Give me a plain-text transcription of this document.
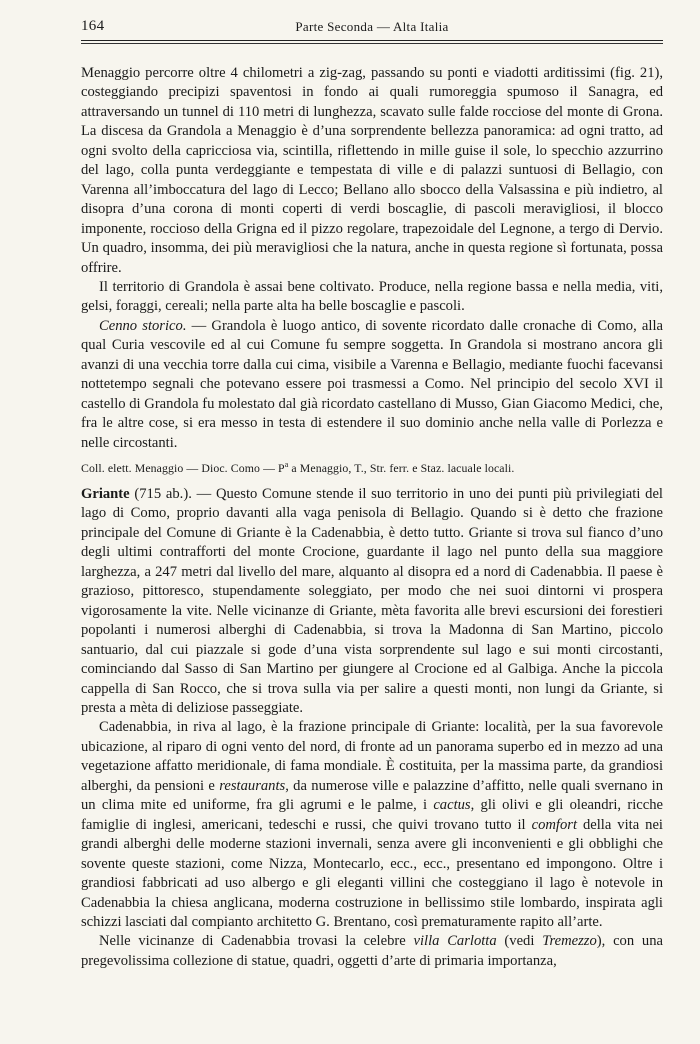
164	Parte Seconda — Alta Italia

Menaggio percorre oltre 4 chilometri a zig-zag, passando su ponti e viadotti arditissimi (fig. 21), costeggiando precipizi spaventosi in fondo ai quali rumoreggia spumoso il Sanagra, ed attraversando un tunnel di 110 metri di lunghezza, scavato sulle falde rocciose del monte di Grona. La discesa da Grandola a Menaggio è d’una sorprendente bellezza panoramica: ad ogni tratto, ad ogni svolto della capricciosa via, scintilla, riflettendo in mille guise il sole, lo specchio azzurrino del lago, colla punta verdeggiante e tempestata di ville e di palazzi suntuosi di Bellagio, con Varenna all’imboccatura del lago di Lecco; Bellano allo sbocco della Valsassina e più indietro, al disopra d’una corona di monti coperti di verdi boscaglie, di pascoli meravigliosi, il blocco imponente, roccioso della Grigna ed il pizzo regolare, trapezoidale del Legnone, a tergo di Dervio. Un quadro, insomma, dei più meravigliosi che la natura, anche in questa regione sì fortunata, possa offrire.

Il territorio di Grandola è assai bene coltivato. Produce, nella regione bassa e nella media, viti, gelsi, foraggi, cereali; nella parte alta ha belle boscaglie e pascoli.

Cenno storico. — Grandola è luogo antico, di sovente ricordato dalle cronache di Como, alla qual Curia vescovile ed al cui Comune fu sempre soggetta. In Grandola si mostrano ancora gli avanzi di una vecchia torre dalla cui cima, visibile a Varenna e Bellagio, mediante fuochi facevansi nottetempo segnali che potevano essere poi trasmessi a Como. Nel principio del secolo XVI il castello di Grandola fu molestato dal già ricordato castellano di Musso, Gian Giacomo Medici, che, fra le altre cose, si era messo in testa di estendere il suo dominio anche nella valle di Porlezza e nelle circostanti.

Coll. elett. Menaggio — Dioc. Como — $P^a$ a Menaggio, T., Str. ferr. e Staz. lacuale locali.

Griante (715 ab.). — Questo Comune stende il suo territorio in uno dei punti più privilegiati del lago di Como, proprio davanti alla vaga penisola di Bellagio. Quando si è detto che frazione principale del Comune di Griante è la Cadenabbia, è detto tutto. Griante si trova sul fianco d’uno degli ultimi contrafforti del monte Crocione, guardante il lago nel punto della sua maggiore larghezza, a 247 metri dal livello del mare, alquanto al disopra ed a nord di Cadenabbia. Il paese è grazioso, pittoresco, stupendamente soleggiato, per modo che nei suoi dintorni vi prospera vigorosamente la vite. Nelle vicinanze di Griante, mèta favorita alle brevi escursioni dei forestieri popolanti i numerosi alberghi di Cadenabbia, si trova la Madonna di San Martino, piccolo santuario, dal cui piazzale si gode d’una vista sorprendente sul lago e sui monti circostanti, cominciando dal Sasso di San Martino per giungere al Crocione ed al Galbiga. Anche la piccola cappella di San Rocco, che si trova sulla via per salire a questi monti, non lungi da Griante, si presta a mèta di deliziose passeggiate.

Cadenabbia, in riva al lago, è la frazione principale di Griante: località, per la sua favorevole ubicazione, al riparo di ogni vento del nord, di fronte ad un panorama superbo ed in mezzo ad una vegetazione affatto meridionale, di fama mondiale. È costituita, per la massima parte, da grandiosi alberghi, da pensioni e restaurants, da numerose ville e palazzine d’affitto, nelle quali svernano in un clima mite ed uniforme, fra gli agrumi e le palme, i cactus, gli olivi e gli oleandri, ricche famiglie di inglesi, americani, tedeschi e russi, che quivi trovano tutto il comfort della vita nei grandi alberghi delle moderne stazioni invernali, senza avere gli inconvenienti e gli obblighi che sovente queste stazioni, come Nizza, Montecarlo, ecc., ecc., presentano ed impongono. Oltre i grandiosi fabbricati ad uso albergo e gli eleganti villini che costeggiano il lago è notevole in Cadenabbia la chiesa anglicana, moderna costruzione in bellissimo stile lombardo, inspirata agli schizzi lasciati dal compianto architetto G. Brentano, così prematuramente rapito all’arte.

Nelle vicinanze di Cadenabbia trovasi la celebre villa Carlotta (vedi Tremezzo), con una pregevolissima collezione di statue, quadri, oggetti d’arte di primaria importanza,
